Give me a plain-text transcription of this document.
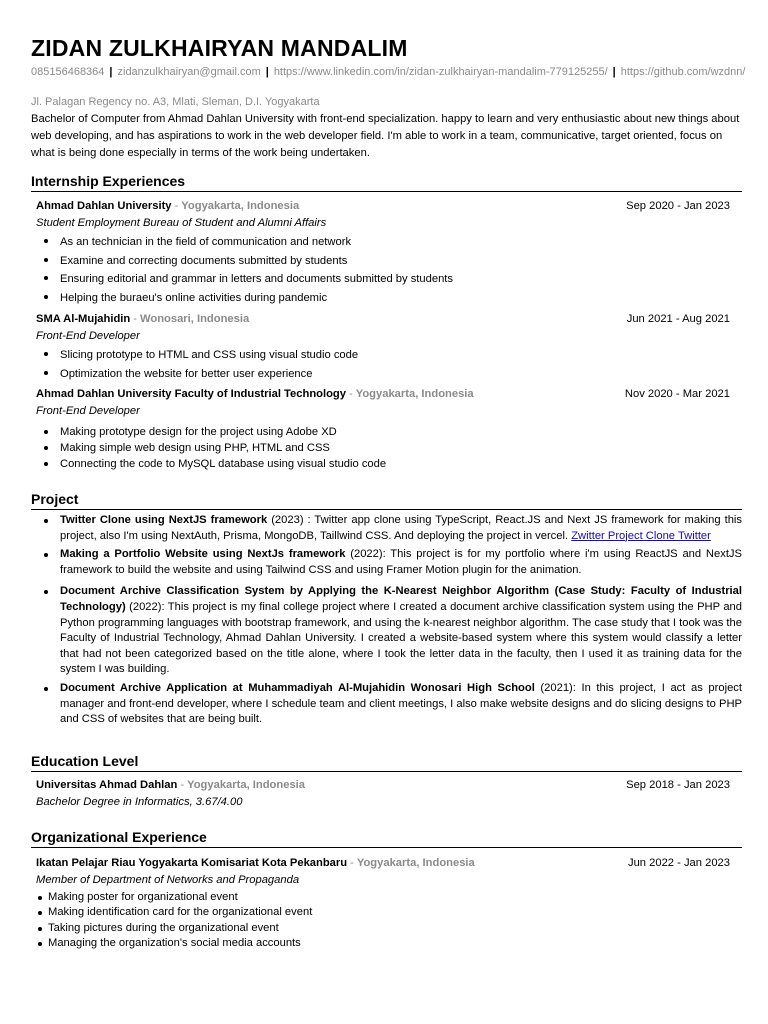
ZIDAN ZULKHAIRYAN MANDALIM
085156468364 | zidanzulkhairyan@gmail.com | https://www.linkedin.com/in/zidan-zulkhairyan-mandalim-779125255/ | https://github.com/wzdnn/
Jl. Palagan Regency no. A3, Mlati, Sleman, D.I. Yogyakarta
Bachelor of Computer from Ahmad Dahlan University with front-end specialization. happy to learn and very enthusiastic about new things about web developing, and has aspirations to work in the web developer field. I'm able to work in a team, communicative, target oriented, focus on what is being done especially in terms of the work being undertaken.
Internship Experiences
Ahmad Dahlan University - Yogyakarta, Indonesia	Sep 2020 - Jan 2023
Student Employment Bureau of Student and Alumni Affairs
As an technician in the field of communication and network
Examine and correcting documents submitted by students
Ensuring editorial and grammar in letters and documents submitted by students
Helping the buraeu's online activities during pandemic
SMA Al-Mujahidin - Wonosari, Indonesia	Jun 2021 - Aug 2021
Front-End Developer
Slicing prototype to HTML and CSS using visual studio code
Optimization the website for better user experience
Ahmad Dahlan University Faculty of Industrial Technology - Yogyakarta, Indonesia	Nov 2020 - Mar 2021
Front-End Developer
Making prototype design for the project using Adobe XD
Making simple web design using PHP, HTML and CSS
Connecting the code to MySQL database using visual studio code
Project
Twitter Clone using NextJS framework (2023) : Twitter app clone using TypeScript, React.JS and Next JS framework for making this project, also I'm using NextAuth, Prisma, MongoDB, Taillwind CSS. And deploying the project in vercel. Zwitter Project Clone Twitter
Making a Portfolio Website using NextJs framework (2022): This project is for my portfolio where i'm using ReactJS and NextJS framework to build the website and using Tailwind CSS and using Framer Motion plugin for the animation.
Document Archive Classification System by Applying the K-Nearest Neighbor Algorithm (Case Study: Faculty of Industrial Technology) (2022): This project is my final college project where I created a document archive classification system using the PHP and Python programming languages with bootstrap framework, and using the k-nearest neighbor algorithm. The case study that I took was the Faculty of Industrial Technology, Ahmad Dahlan University. I created a website-based system where this system would classify a letter that had not been categorized based on the title alone, where I took the letter data in the faculty, then I used it as training data for the system I was building.
Document Archive Application at Muhammadiyah Al-Mujahidin Wonosari High School (2021): In this project, I act as project manager and front-end developer, where I schedule team and client meetings, I also make website designs and do slicing designs to PHP and CSS of websites that are being built.
Education Level
Universitas Ahmad Dahlan - Yogyakarta, Indonesia	Sep 2018 - Jan 2023
Bachelor Degree in Informatics, 3.67/4.00
Organizational Experience
Ikatan Pelajar Riau Yogyakarta Komisariat Kota Pekanbaru - Yogyakarta, Indonesia	Jun 2022 - Jan 2023
Member of Department of Networks and Propaganda
Making poster for organizational event
Making identification card for the organizational event
Taking pictures during the organizational event
Managing the organization's social media accounts
